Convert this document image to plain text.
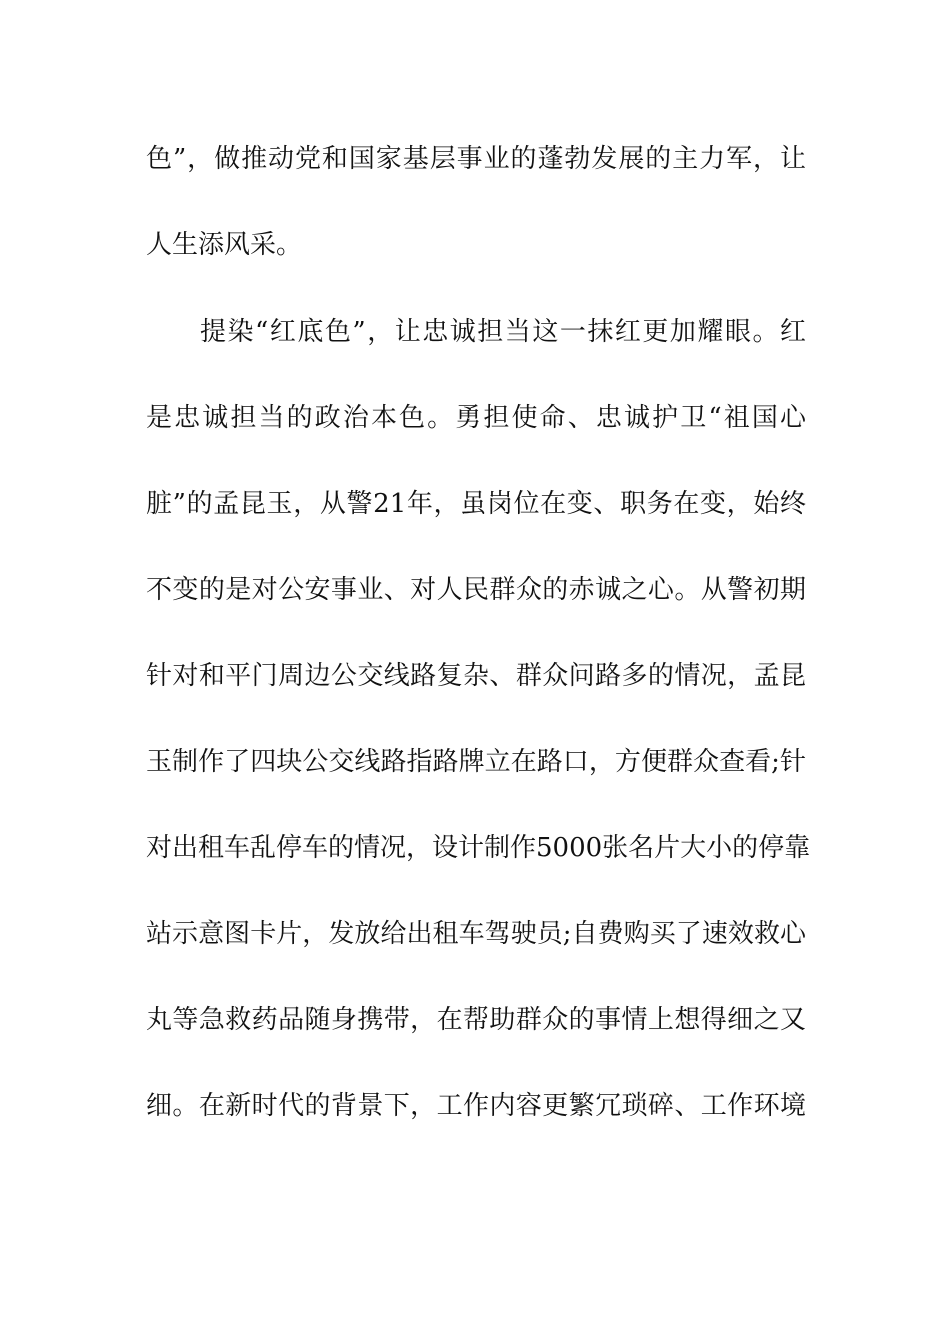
色”，做推动党和国家基层事业的蓬勃发展的主力军，让
人生添风采。
提染“红底色”，让忠诚担当这一抹红更加耀眼。红
是忠诚担当的政治本色。勇担使命、忠诚护卫“祖国心
脏”的孟昆玉，从警21年，虽岗位在变、职务在变，始终
不变的是对公安事业、对人民群众的赤诚之心。从警初期
针对和平门周边公交线路复杂、群众问路多的情况，孟昆
玉制作了四块公交线路指路牌立在路口，方便群众查看;针
对出租车乱停车的情况，设计制作5000张名片大小的停靠
站示意图卡片，发放给出租车驾驶员;自费购买了速效救心
丸等急救药品随身携带，在帮助群众的事情上想得细之又
细。在新时代的背景下，工作内容更繁冗琐碎、工作环境
